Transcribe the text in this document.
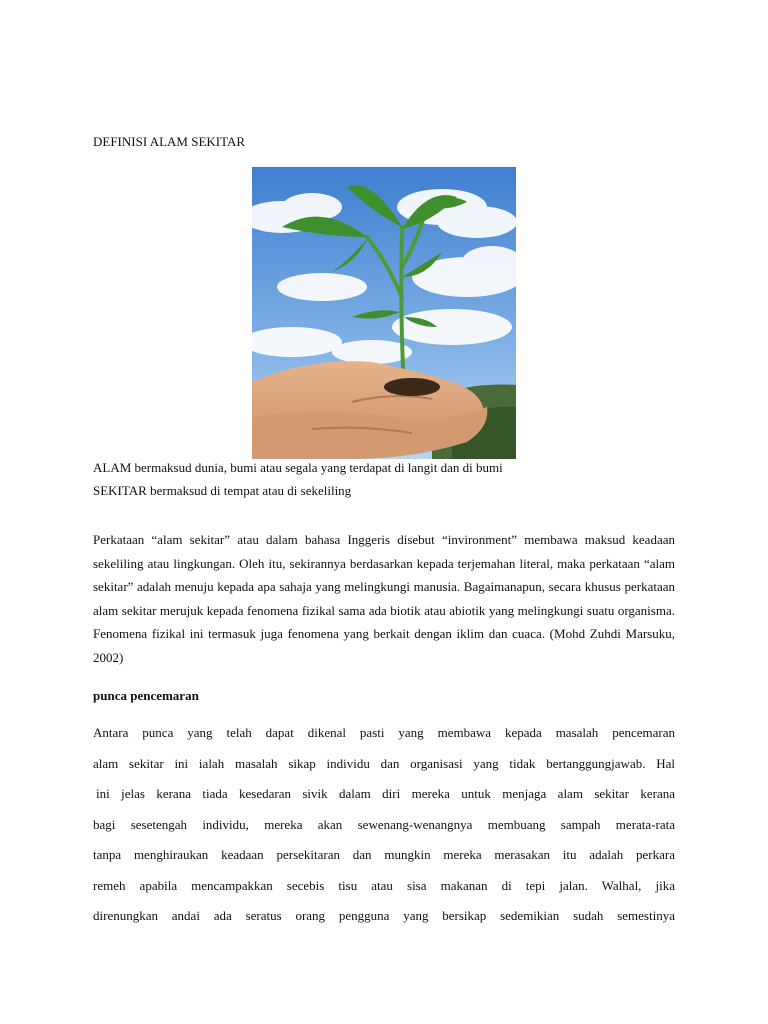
DEFINISI ALAM SEKITAR
ALAM bermaksud dunia, bumi atau segala yang terdapat di langit dan di bumi
SEKITAR bermaksud di tempat atau di sekeliling
Perkataan “alam sekitar” atau dalam bahasa Inggeris disebut “invironment” membawa maksud keadaan sekeliling atau lingkungan. Oleh itu, sekirannya berdasarkan kepada terjemahan literal, maka perkataan “alam sekitar” adalah menuju kepada apa sahaja yang melingkungi manusia. Bagaimanapun, secara khusus perkataan alam sekitar merujuk kepada fenomena fizikal sama ada biotik atau abiotik yang melingkungi suatu organisma. Fenomena fizikal ini termasuk juga fenomena yang berkait dengan iklim dan cuaca. (Mohd Zuhdi Marsuku, 2002)
punca pencemaran
Antara punca yang telah dapat dikenal pasti yang membawa kepada masalah pencemaran
alam sekitar ini ialah masalah sikap individu dan organisasi yang tidak bertanggungjawab. Hal
ini jelas kerana tiada kesedaran sivik dalam diri mereka untuk menjaga alam sekitar kerana
bagi sesetengah individu, mereka akan sewenang-wenangnya membuang sampah merata-rata
tanpa menghiraukan keadaan persekitaran dan mungkin mereka merasakan itu adalah perkara
remeh apabila mencampakkan secebis tisu atau sisa makanan di tepi jalan. Walhal, jika
direnungkan andai ada seratus orang pengguna yang bersikap sedemikian sudah semestinya
